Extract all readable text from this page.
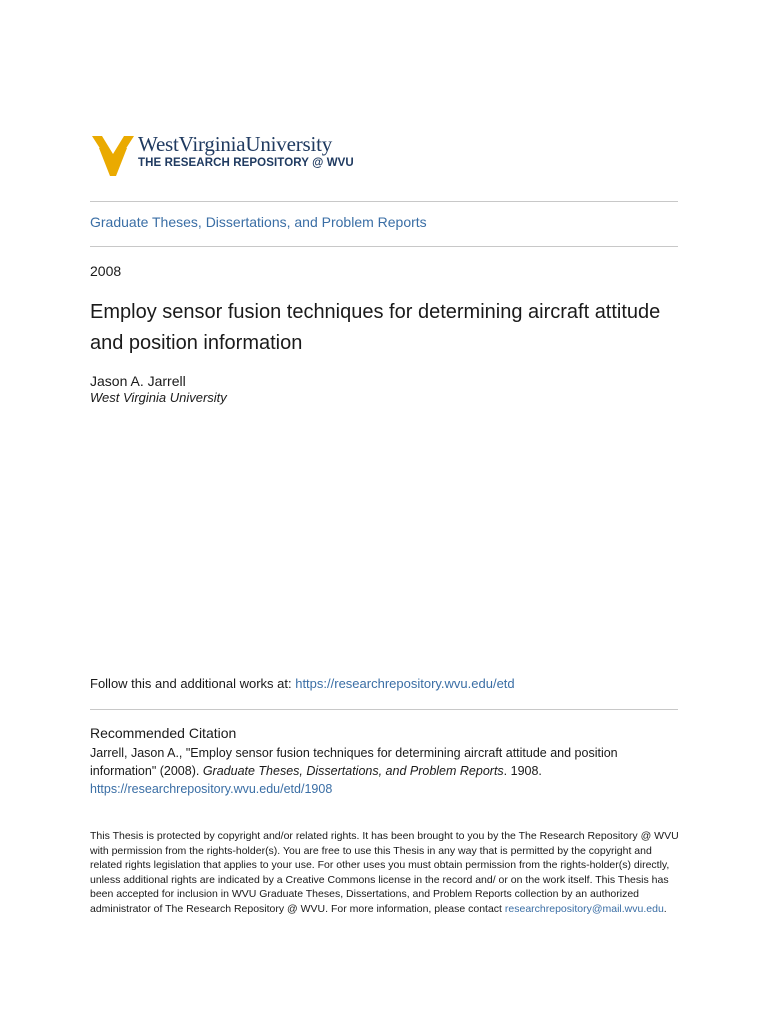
WestVirginiaUniversity
THE RESEARCH REPOSITORY @ WVU
Graduate Theses, Dissertations, and Problem Reports
2008
Employ sensor fusion techniques for determining aircraft attitude and position information
Jason A. Jarrell
West Virginia University
Follow this and additional works at: https://researchrepository.wvu.edu/etd
Recommended Citation
Jarrell, Jason A., "Employ sensor fusion techniques for determining aircraft attitude and position information" (2008). Graduate Theses, Dissertations, and Problem Reports. 1908.
https://researchrepository.wvu.edu/etd/1908
This Thesis is protected by copyright and/or related rights. It has been brought to you by the The Research Repository @ WVU with permission from the rights-holder(s). You are free to use this Thesis in any way that is permitted by the copyright and related rights legislation that applies to your use. For other uses you must obtain permission from the rights-holder(s) directly, unless additional rights are indicated by a Creative Commons license in the record and/ or on the work itself. This Thesis has been accepted for inclusion in WVU Graduate Theses, Dissertations, and Problem Reports collection by an authorized administrator of The Research Repository @ WVU. For more information, please contact researchrepository@mail.wvu.edu.
